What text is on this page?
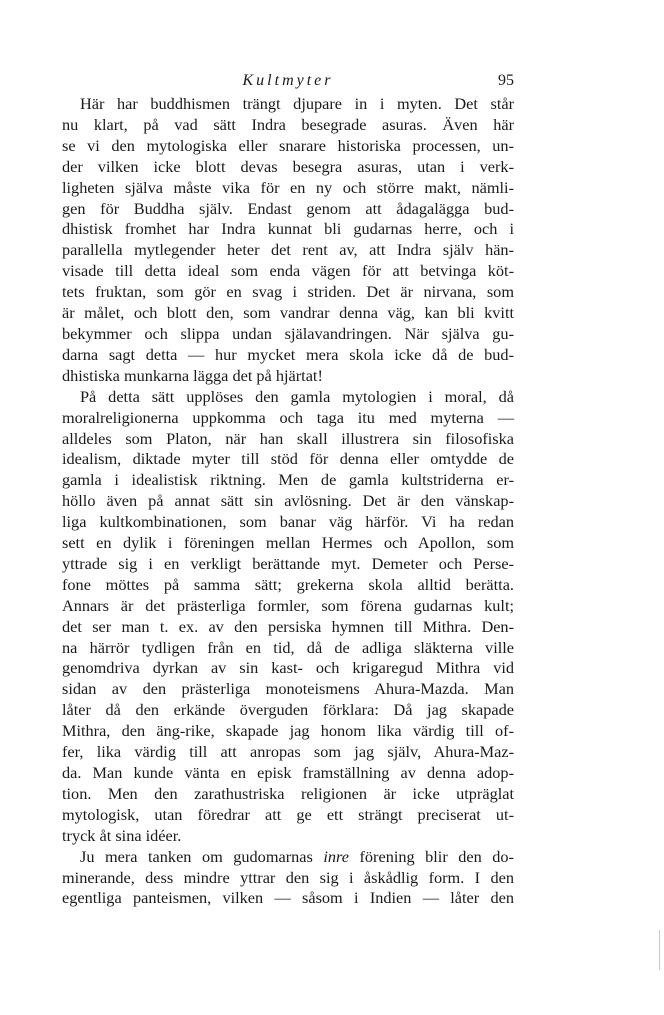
Kultmyter	95

Här har buddhismen trängt djupare in i myten. Det står
nu klart, på vad sätt Indra besegrade asuras. Även här
se vi den mytologiska eller snarare historiska processen, un-
der vilken icke blott devas besegra asuras, utan i verk-
ligheten själva måste vika för en ny och större makt, nämli-
gen för Buddha själv. Endast genom att ådagalägga bud-
dhistisk fromhet har Indra kunnat bli gudarnas herre, och i
parallella mytlegender heter det rent av, att Indra själv hän-
visade till detta ideal som enda vägen för att betvinga köt-
tets fruktan, som gör en svag i striden. Det är nirvana, som
är målet, och blott den, som vandrar denna väg, kan bli kvitt
bekymmer och slippa undan själavandringen. När själva gu-
darna sagt detta — hur mycket mera skola icke då de bud-
dhistiska munkarna lägga det på hjärtat!

På detta sätt upplöses den gamla mytologien i moral, då
moralreligionerna uppkomma och taga itu med myterna —
alldeles som Platon, när han skall illustrera sin filosofiska
idealism, diktade myter till stöd för denna eller omtydde de
gamla i idealistisk riktning. Men de gamla kultstriderna er-
höllo även på annat sätt sin avlösning. Det är den vänskap-
liga kultkombinationen, som banar väg härför. Vi ha redan
sett en dylik i föreningen mellan Hermes och Apollon, som
yttrade sig i en verkligt berättande myt. Demeter och Perse-
fone möttes på samma sätt; grekerna skola alltid berätta.
Annars är det prästerliga formler, som förena gudarnas kult;
det ser man t. ex. av den persiska hymnen till Mithra. Den-
na härrör tydligen från en tid, då de adliga släkterna ville
genomdriva dyrkan av sin kast- och krigaregud Mithra vid
sidan av den prästerliga monoteismens Ahura-Mazda. Man
låter då den erkände överguden förklara: Då jag skapade
Mithra, den äng-rike, skapade jag honom lika värdig till of-
fer, lika värdig till att anropas som jag själv, Ahura-Maz-
da. Man kunde vänta en episk framställning av denna adop-
tion. Men den zarathustriska religionen är icke utpräglat
mytologisk, utan föredrar att ge ett strängt preciserat ut-
tryck åt sina idéer.

Ju mera tanken om gudomarnas inre förening blir den do-
minerande, dess mindre yttrar den sig i åskådlig form. I den
egentliga panteismen, vilken — såsom i Indien — låter den
